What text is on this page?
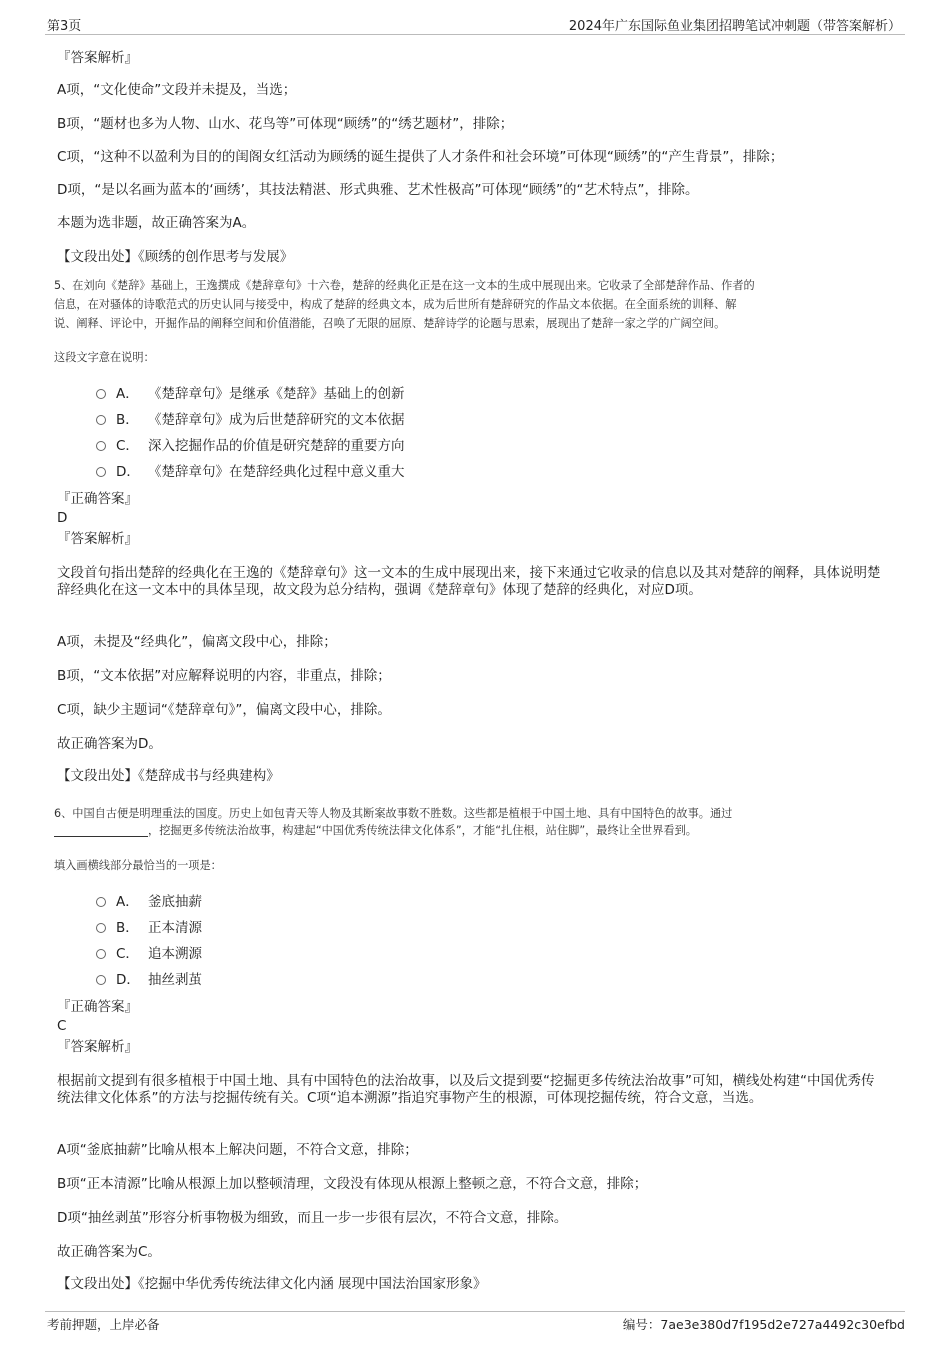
第3页	2024年广东国际鱼业集团招聘笔试冲刺题（带答案解析）
『答案解析』
A项，“文化使命”文段并未提及，当选；
B项，“题材也多为人物、山水、花鸟等”可体现“顾绣”的“绣艺题材”，排除；
C项，“这种不以盈利为目的的闺阁女红活动为顾绣的诞生提供了人才条件和社会环境”可体现“顾绣”的“产生背景”，排除；
D项，“是以名画为蓝本的‘画绣’，其技法精湛、形式典雅、艺术性极高”可体现“顾绣”的“艺术特点”，排除。
本题为选非题，故正确答案为A。
【文段出处】《顾绣的创作思考与发展》
5、在刘向《楚辞》基础上，王逸撰成《楚辞章句》十六卷，楚辞的经典化正是在这一文本的生成中展现出来。它收录了全部楚辞作品、作者的
信息，在对骚体的诗歌范式的历史认同与接受中，构成了楚辞的经典文本，成为后世所有楚辞研究的作品文本依据。在全面系统的训释、解
说、阐释、评论中，开掘作品的阐释空间和价值潜能，召唤了无限的屈原、楚辞诗学的论题与思索，展现出了楚辞一家之学的广阔空间。
这段文字意在说明：
A． 《楚辞章句》是继承《楚辞》基础上的创新
B． 《楚辞章句》成为后世楚辞研究的文本依据
C． 深入挖掘作品的价值是研究楚辞的重要方向
D． 《楚辞章句》在楚辞经典化过程中意义重大
『正确答案』
D
『答案解析』
文段首句指出楚辞的经典化在王逸的《楚辞章句》这一文本的生成中展现出来，接下来通过它收录的信息以及其对楚辞的阐释，具体说明楚辞经典化在这一文本中的具体呈现，故文段为总分结构，强调《楚辞章句》体现了楚辞的经典化，对应D项。
A项，未提及“经典化”，偏离文段中心，排除；
B项，“文本依据”对应解释说明的内容，非重点，排除；
C项，缺少主题词“《楚辞章句》”，偏离文段中心，排除。
故正确答案为D。
【文段出处】《楚辞成书与经典建构》
6、中国自古便是明理重法的国度。历史上如包青天等人物及其断案故事数不胜数。这些都是植根于中国土地、具有中国特色的故事。通过
，挖掘更多传统法治故事，构建起“中国优秀传统法律文化体系”，才能“扎住根，站住脚”，最终让全世界看到。
填入画横线部分最恰当的一项是：
A． 釜底抽薪
B． 正本清源
C． 追本溯源
D． 抽丝剥茧
『正确答案』
C
『答案解析』
根据前文提到有很多植根于中国土地、具有中国特色的法治故事，以及后文提到要“挖掘更多传统法治故事”可知，横线处构建“中国优秀传统法律文化体系”的方法与挖掘传统有关。C项“追本溯源”指追究事物产生的根源，可体现挖掘传统，符合文意，当选。
A项“釜底抽薪”比喻从根本上解决问题，不符合文意，排除；
B项“正本清源”比喻从根源上加以整顿清理，文段没有体现从根源上整顿之意，不符合文意，排除；
D项“抽丝剥茧”形容分析事物极为细致，而且一步一步很有层次，不符合文意，排除。
故正确答案为C。
【文段出处】《挖掘中华优秀传统法律文化内涵 展现中国法治国家形象》
考前押题，上岸必备	编号：7ae3e380d7f195d2e727a4492c30efbd
